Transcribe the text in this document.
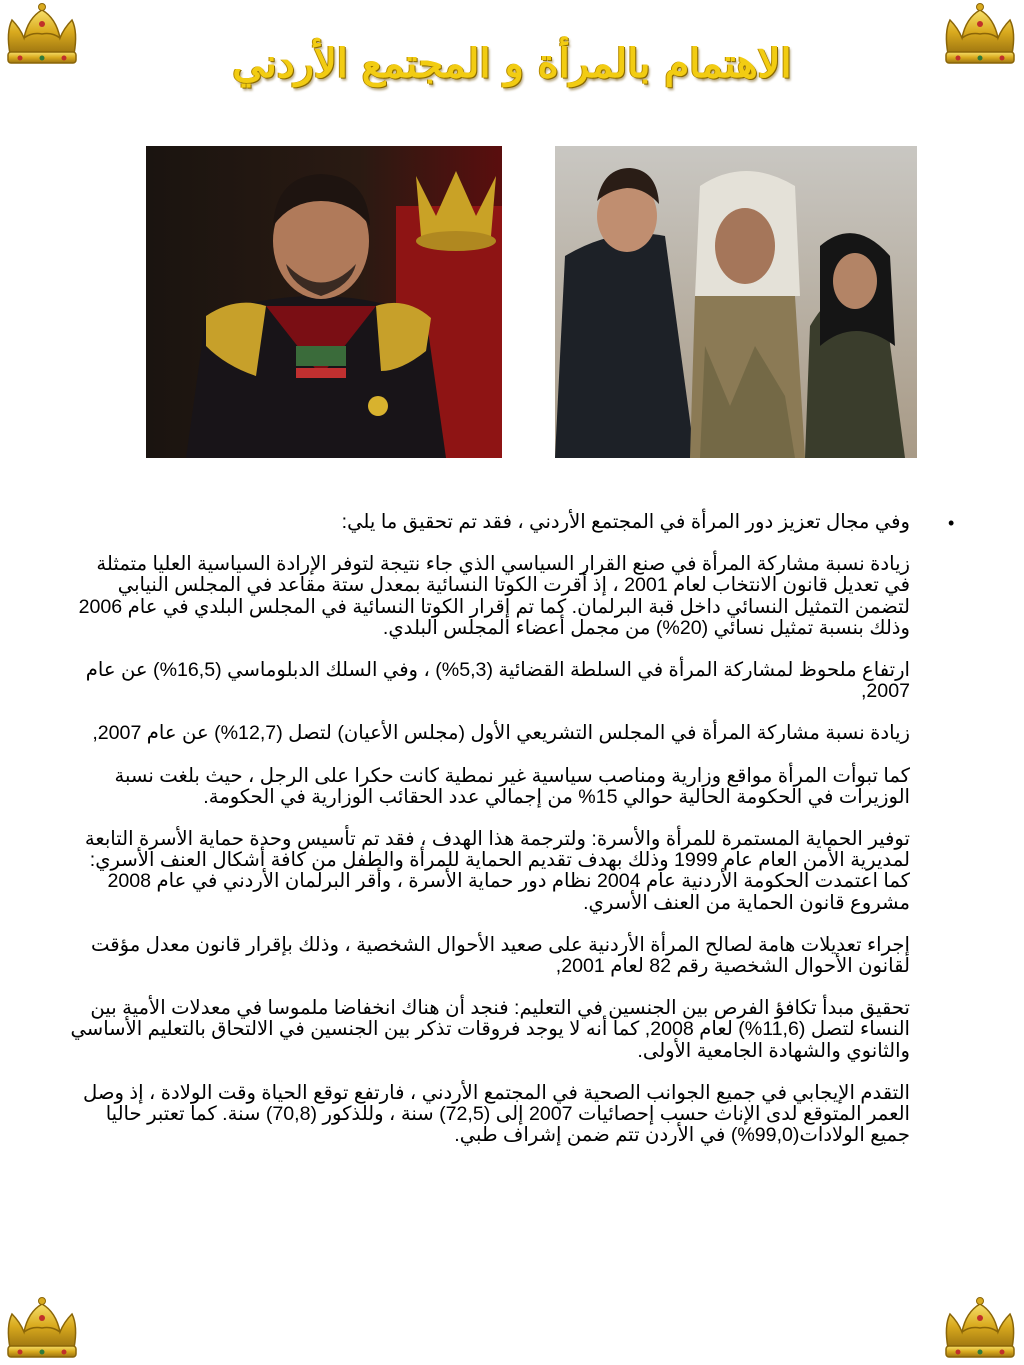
الاهتمام بالمرأة و المجتمع الأردني
•

وفي مجال تعزيز دور المرأة في المجتمع الأردني ، فقد تم تحقيق ما يلي:

زيادة نسبة مشاركة المرأة في صنع القرار السياسي الذي جاء نتيجة لتوفر الإرادة السياسية العليا متمثلة في تعديل قانون الانتخاب لعام 2001 ، إذ أقرت الكوتا النسائية بمعدل ستة مقاعد في المجلس النيابي لتضمن التمثيل النسائي داخل قبة البرلمان. كما تم إقرار الكوتا النسائية في المجلس البلدي في عام 2006 وذلك بنسبة تمثيل نسائي (20%) من مجمل أعضاء المجلس البلدي.

ارتفاع ملحوظ لمشاركة المرأة في السلطة القضائية (5,3%) ، وفي السلك الدبلوماسي (16,5%) عن عام 2007,

زيادة نسبة مشاركة المرأة في المجلس التشريعي الأول (مجلس الأعيان) لتصل (12,7%) عن عام 2007,

كما تبوأت المرأة مواقع وزارية ومناصب سياسية غير نمطية كانت حكرا على الرجل ، حيث بلغت نسبة الوزيرات في الحكومة الحالية حوالي 15% من إجمالي عدد الحقائب الوزارية في الحكومة.

توفير الحماية المستمرة للمرأة والأسرة: ولترجمة هذا الهدف ، فقد تم تأسيس وحدة حماية الأسرة التابعة لمديرية الأمن العام عام 1999 وذلك بهدف تقديم الحماية للمرأة والطفل من كافة أشكال العنف الأسري: كما اعتمدت الحكومة الأردنية عام 2004 نظام دور حماية الأسرة ، وأقر البرلمان الأردني في عام 2008 مشروع قانون الحماية من العنف الأسري.

إجراء تعديلات هامة لصالح المرأة الأردنية على صعيد الأحوال الشخصية ، وذلك بإقرار قانون معدل مؤقت لقانون الأحوال الشخصية رقم 82 لعام 2001,

تحقيق مبدأ تكافؤ الفرص بين الجنسين في التعليم: فنجد أن هناك انخفاضا ملموسا في معدلات الأمية بين النساء لتصل (11,6%) لعام 2008, كما أنه لا يوجد فروقات تذكر بين الجنسين في الالتحاق بالتعليم الأساسي والثانوي والشهادة الجامعية الأولى.

التقدم الإيجابي في جميع الجوانب الصحية في المجتمع الأردني ، فارتفع توقع الحياة وقت الولادة ، إذ وصل العمر المتوقع لدى الإناث حسب إحصائيات 2007 إلى (72,5) سنة ، وللذكور (70,8) سنة. كما تعتبر حاليا جميع الولادات(99,0%) في الأردن تتم ضمن إشراف طبي.
